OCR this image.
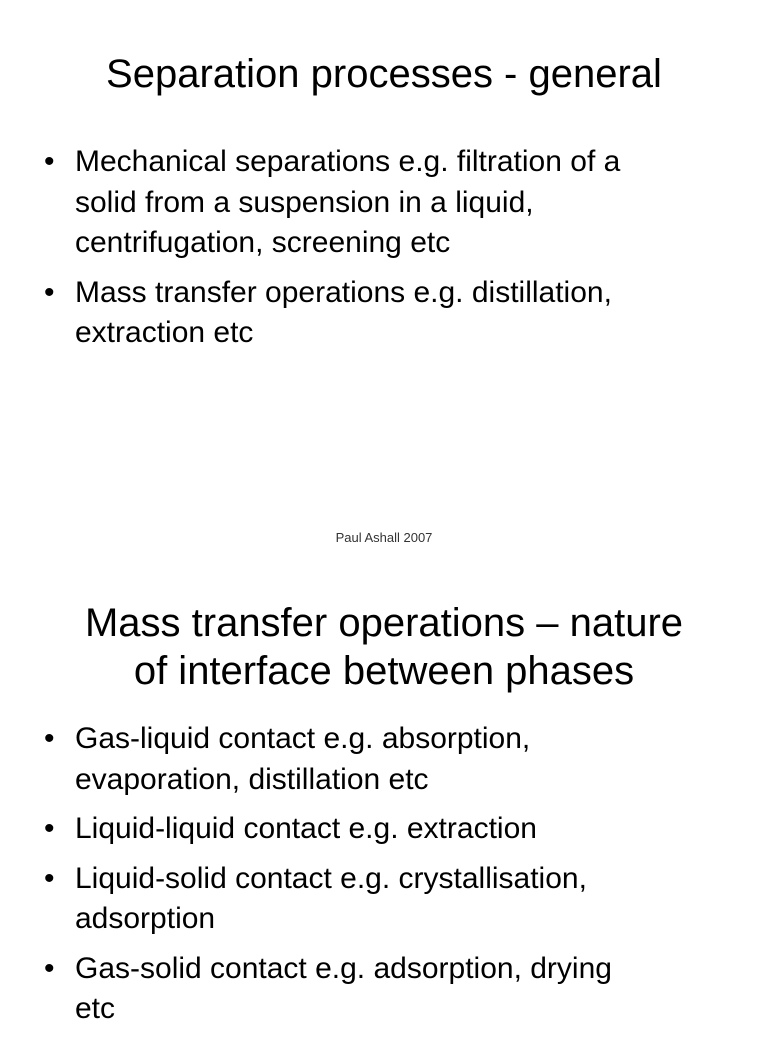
Separation processes - general
• Mechanical separations e.g. filtration of a
solid from a suspension in a liquid,
centrifugation, screening etc
• Mass transfer operations e.g. distillation,
extraction etc
Paul Ashall 2007
Mass transfer operations – nature
of interface between phases
• Gas-liquid contact e.g. absorption,
evaporation, distillation etc
• Liquid-liquid contact e.g. extraction
• Liquid-solid contact e.g. crystallisation,
adsorption
• Gas-solid contact e.g. adsorption, drying
etc
